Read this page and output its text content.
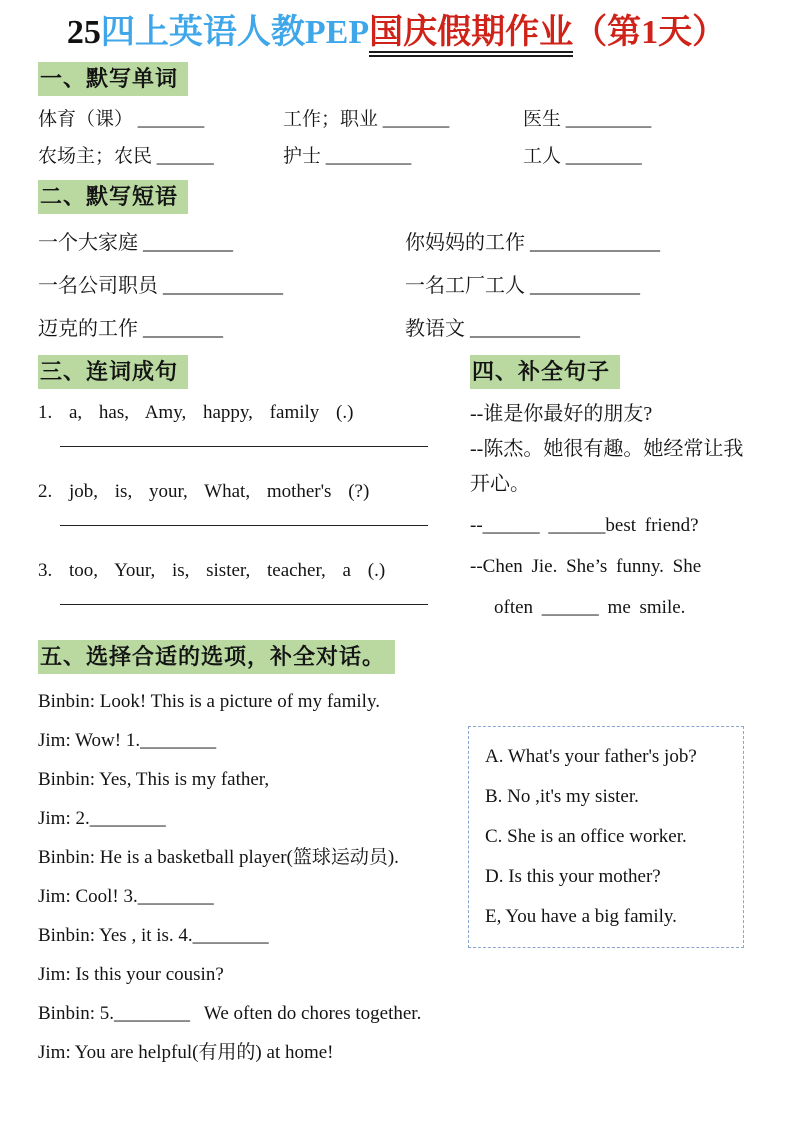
25四上英语人教PEP国庆假期作业（第1天）
一、默写单词
体育（课） _______	工作；职业 _______	医生 _________
农场主；农民 ______	护士 _________	工人 ________
二、默写短语
一个大家庭 _________	你妈妈的工作 _____________
一名公司职员 ____________	一名工厂工人 ___________
迈克的工作 ________	教语文 ___________
三、连词成句
1. a, has, Amy, happy, family (.)
2. job, is, your, What, mother's (?)
3. too, Your, is, sister, teacher, a (.)
四、补全句子

--谁是你最好的朋友?

--陈杰。她很有趣。她经常让我

开心。

--______ ______best friend?

--Chen Jie. She’s funny. She

often ______ me smile.

五、选择合适的选项，补全对话。

Binbin: Look! This is a picture of my family.

Jim: Wow! 1.________

Binbin: Yes, This is my father,

Jim: 2.________

Binbin: He is a basketball player(篮球运动员).

Jim: Cool! 3.________

Binbin: Yes , it is. 4.________

Jim: Is this your cousin?

Binbin: 5.________   We often do chores together.

Jim: You are helpful(有用的) at home!

A. What's your father's job?

B. No ,it's my sister.

C. She is an office worker.

D. Is this your mother?

E, You have a big family.
